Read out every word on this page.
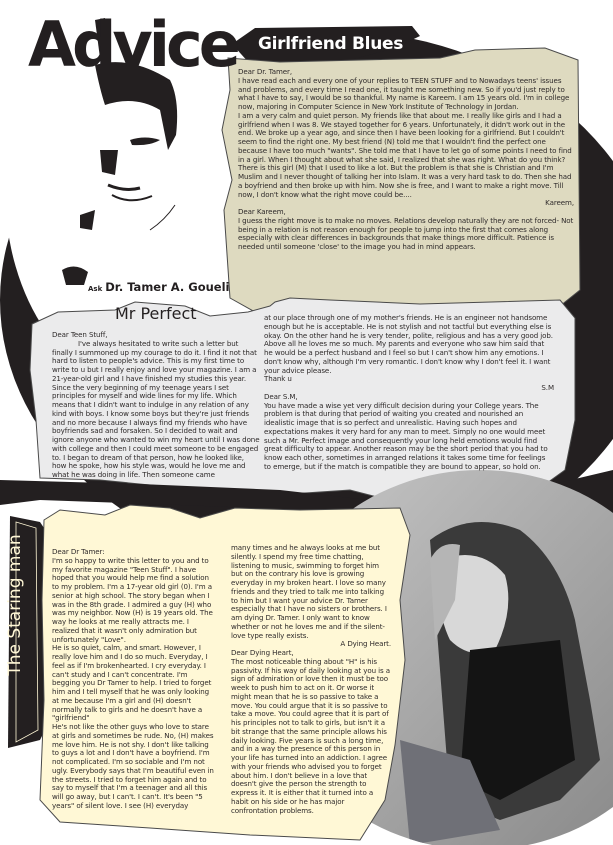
Advice Girlfriend Blues

Dear Dr. Tamer,

I have read each and every one of your replies to TEEN STUFF and to Nowadays teens' issues and problems, and every time I read one, it taught me something new. So if you'd just reply to what I have to say, I would be so thankful. My name is Kareem. I am 15 years old. I'm in college now, majoring in Computer Science in New York Institute of Technology in Jordan.

I am a very calm and quiet person. My friends like that about me. I really like girls and I had a girlfriend when I was 8. We stayed together for 6 years. Unfortunately, it didn't work out in the end. We broke up a year ago, and since then I have been looking for a girlfriend. But I couldn't seem to find the right one. My best friend (N) told me that I wouldn't find the perfect one because I have too much "wants". She told me that I have to let go of some points I need to find in a girl. When I thought about what she said, I realized that she was right. What do you think? There is this girl (M) that I used to like a lot. But the problem is that she is Christian and I'm Muslim and I never thought of talking her into Islam. It was a very hard task to do. Then she had a boyfriend and then broke up with him. Now she is free, and I want to make a right move. Till now, I don't know what the right move could be....

Kareem,

Dear Kareem,

I guess the right move is to make no moves. Relations develop naturally they are not forced- Not being in a relation is not reason enough for people to jump into the first that comes along especially with clear differences in backgrounds that make things more difficult. Patience is needed until someone 'close' to the image you had in mind appears.

Ask Dr. Tamer A. Goueli
Mr Perfect

Dear Teen Stuff,

I've always hesitated to write such a letter but finally I summoned up my courage to do it. I find it not that hard to listen to people's advice. This is my first time to write to u but I really enjoy and love your magazine. I am a 21-year-old girl and I have finished my studies this year. Since the very beginning of my teenage years I set principles for myself and wide lines for my life. Which means that I didn't want to indulge in any relation of any kind with boys. I know some boys but they're just friends and no more because I always find my friends who have boyfriends sad and forsaken. So I decided to wait and ignore anyone who wanted to win my heart until I was done with college and then I could meet someone to be engaged to. I began to dream of that person, how he looked like, how he spoke, how his style was, would he love me and what he was doing in life. Then someone came

at our place through one of my mother's friends. He is an engineer not handsome enough but he is acceptable. He is not stylish and not tactful but everything else is okay. On the other hand he is very tender, polite, religious and has a very good job. Above all he loves me so much. My parents and everyone who saw him said that he would be a perfect husband and I feel so but I can't show him any emotions. I don't know why, although I'm very romantic. I don't know why I don't feel it. I want your advice please.

Thank u

S.M

Dear S.M,

You have made a wise yet very difficult decision during your College years. The problem is that during that period of waiting you created and nourished an idealistic image that is so perfect and unrealistic. Having such hopes and expectations makes it very hard for any man to meet. Simply no one would meet such a Mr. Perfect image and consequently your long held emotions would find great difficulty to appear. Another reason may be the short period that you had to know each other, sometimes in arranged relations it takes some time for feelings to emerge, but if the match is compatible they are bound to appear, so hold on.

The Staring man	Dear Dr Tamer:

I'm so happy to write this letter to you and to my favorite magazine "Teen Stuff". I have hoped that you would help me find a solution to my problem. I'm a 17-year old girl (0). I'm a senior at high school. The story began when I was in the 8th grade. I admired a guy (H) who was my neighbor. Now (H) is 19 years old. The way he looks at me really attracts me. I realized that it wasn't only admiration but unfortunately "Love".

He is so quiet, calm, and smart. However, I really love him and I do so much. Everyday, I feel as if I'm brokenhearted. I cry everyday. I can't study and I can't concentrate. I'm begging you Dr Tamer to help. I tried to forget him and I tell myself that he was only looking at me because I'm a girl and (H) doesn't normally talk to girls and he doesn't have a "girlfriend"

He's not like the other guys who love to stare at girls and sometimes be rude. No, (H) makes me love him. He is not shy. I don't like talking to guys a lot and I don't have a boyfriend. I'm not complicated. I'm so sociable and I'm not ugly. Everybody says that I'm beautiful even in the streets. I tried to forget him again and to say to myself that I'm a teenager and all this will go away, but I can't. I can't. It's been "5 years" of silent love. I see (H) everyday

many times and he always looks at me but silently. I spend my free time chatting, listening to music, swimming to forget him but on the contrary his love is growing everyday in my broken heart. I love so many friends and they tried to talk me into talking to him but I want your advice Dr. Tamer especially that I have no sisters or brothers. I am dying Dr. Tamer. I only want to know whether or not he loves me and if the silent-love type really exists.

A Dying Heart.

Dear Dying Heart,

The most noticeable thing about "H" is his passivity. If his way of daily looking at you is a sign of admiration or love then it must be too week to push him to act on it. Or worse it might mean that he is so passive to take a move. You could argue that it is so passive to take a move. You could agree that it is part of his principles not to talk to girls, but isn't it a bit strange that the same principle allows his daily looking. Five years is such a long time, and in a way the presence of this person in your life has turned into an addiction. I agree with your friends who advised you to forget about him. I don't believe in a love that doesn't give the person the strength to express it. It is either that it turned into a habit on his side or he has major confrontation problems.
